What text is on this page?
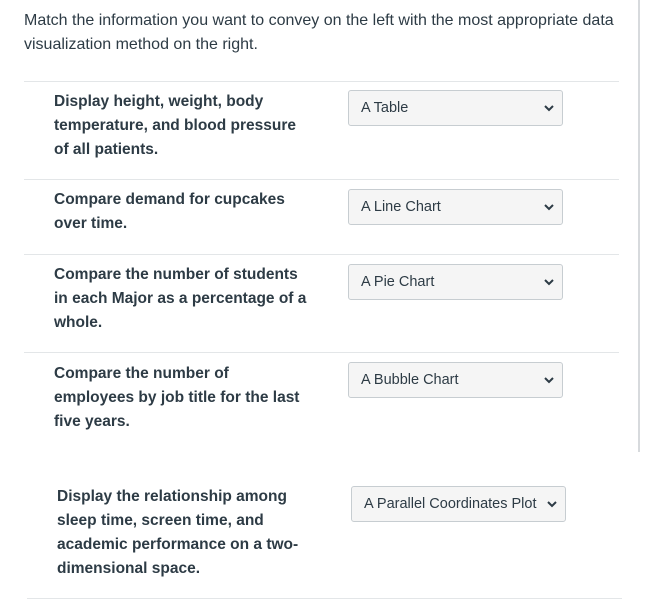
Match the information you want to convey on the left with the most appropriate data visualization method on the right.
Display height, weight, body
temperature, and blood pressure
of all patients.
A Table
Compare demand for cupcakes
over time.
A Line Chart
Compare the number of students
in each Major as a percentage of a
whole.
A Pie Chart
Compare the number of
employees by job title for the last
five years.
A Bubble Chart
Display the relationship among
sleep time, screen time, and
academic performance on a two-
dimensional space.
A Parallel Coordinates Plot
